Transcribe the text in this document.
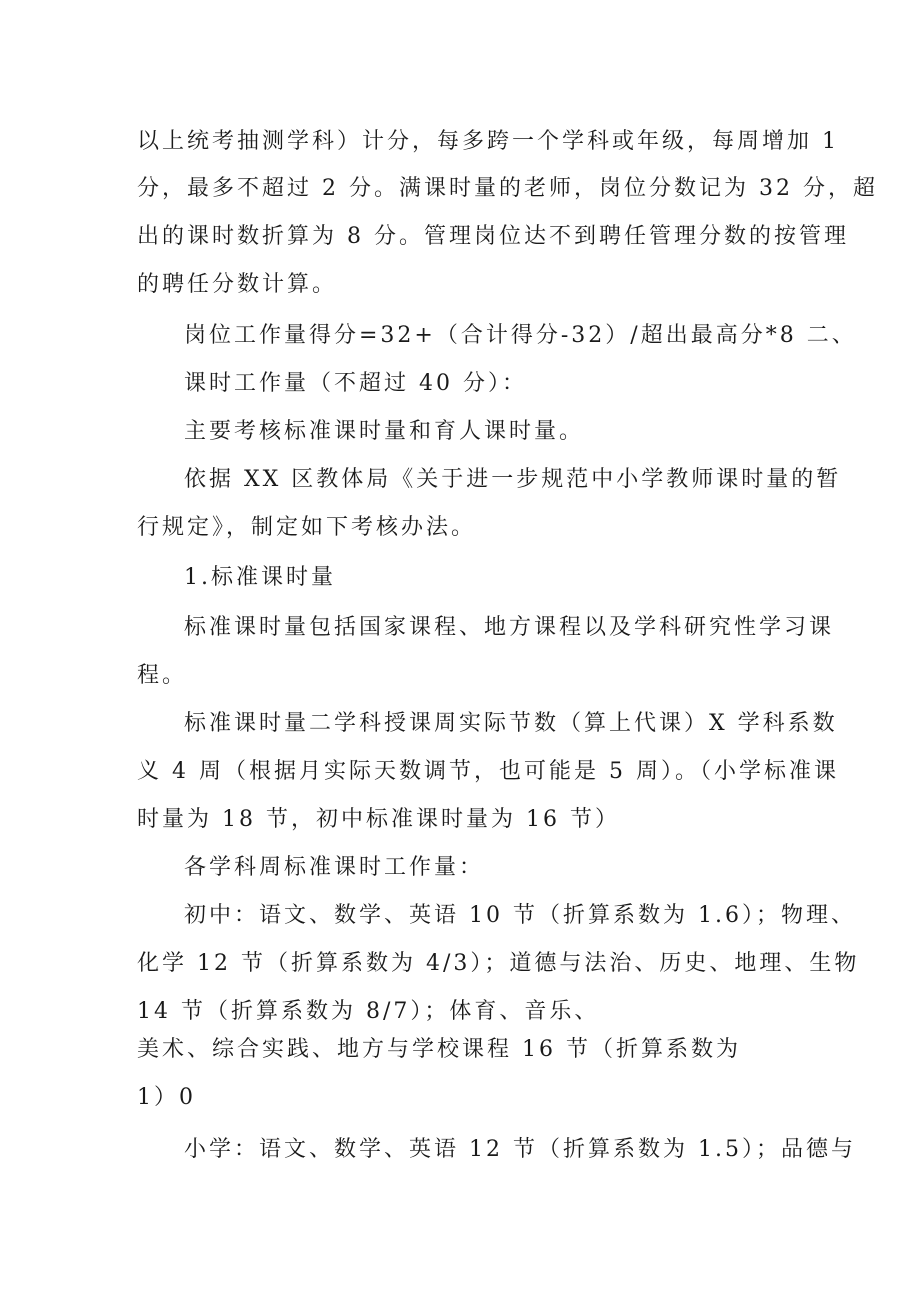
以上统考抽测学科）计分，每多跨一个学科或年级，每周增加 1
分，最多不超过 2 分。满课时量的老师，岗位分数记为 32 分，超
出的课时数折算为 8 分。管理岗位达不到聘任管理分数的按管理
的聘任分数计算。
岗位工作量得分=32+（合计得分-32）/超出最高分*8 二、
课时工作量（不超过 40 分）：
主要考核标准课时量和育人课时量。
依据 XX 区教体局《关于进一步规范中小学教师课时量的暂
行规定》，制定如下考核办法。
1.标准课时量
标准课时量包括国家课程、地方课程以及学科研究性学习课
程。
标准课时量二学科授课周实际节数（算上代课）X 学科系数
义 4 周（根据月实际天数调节，也可能是 5 周）。（小学标准课
时量为 18 节，初中标准课时量为 16 节）
各学科周标准课时工作量：
初中：语文、数学、英语 10 节（折算系数为 1.6）；物理、
化学 12 节（折算系数为 4/3）；道德与法治、历史、地理、生物
14 节（折算系数为 8/7）；体育、音乐、
美术、综合实践、地方与学校课程 16 节（折算系数为
1）0
小学：语文、数学、英语 12 节（折算系数为 1.5）；品德与
